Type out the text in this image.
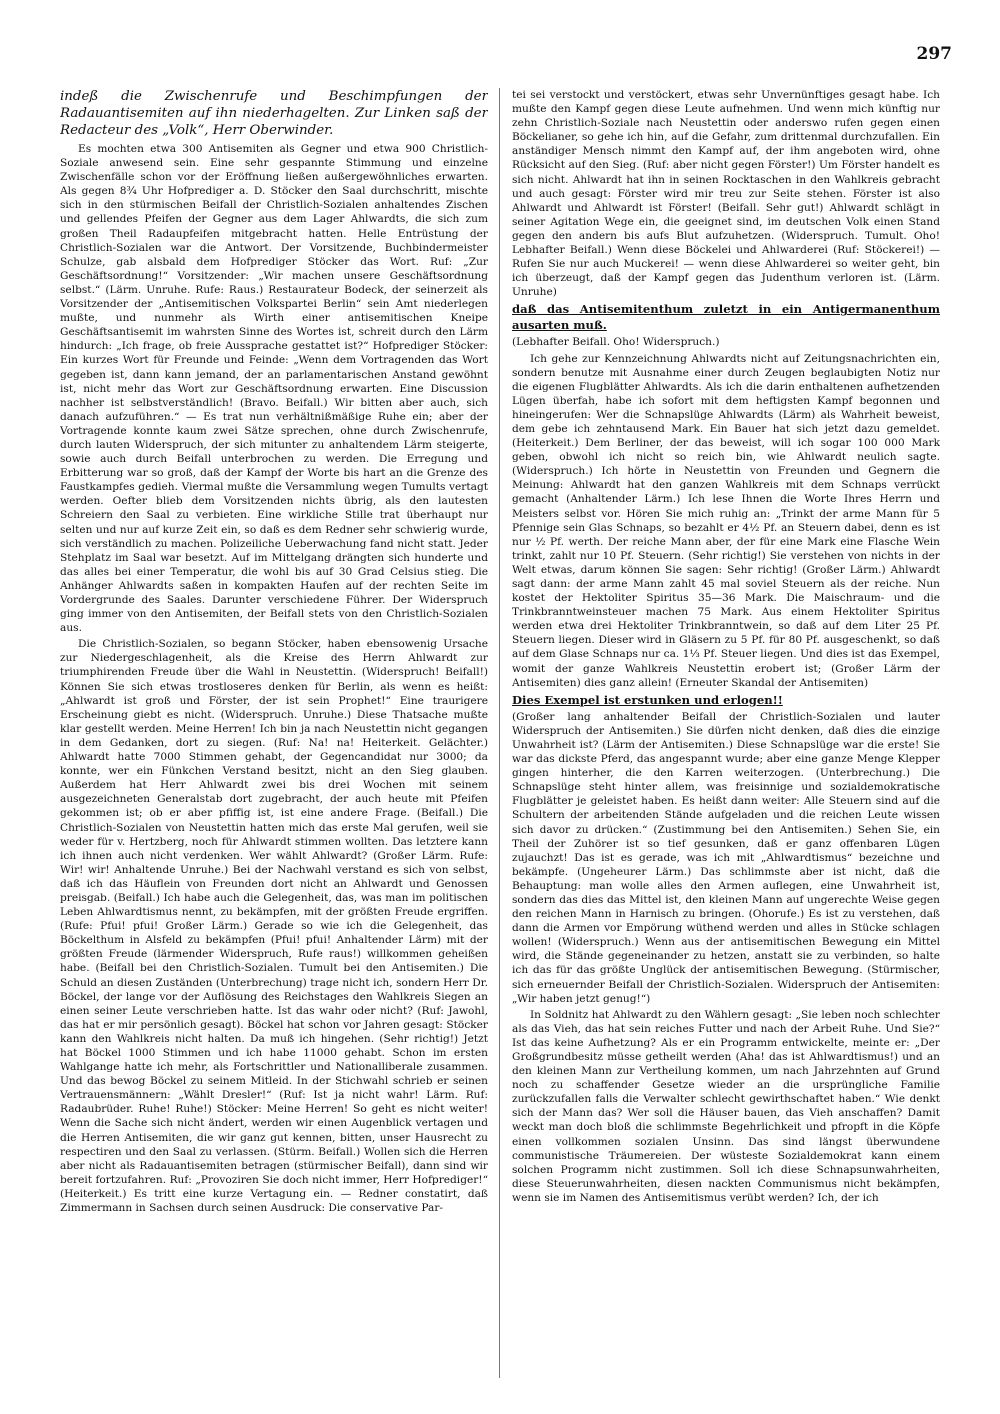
297

indeß die Zwischenrufe und Beschimpfungen der Radauantisemiten auf ihn niederhagelten. Zur Linken saß der Redacteur des „Volk“, Herr Oberwinder.

Es mochten etwa 300 Antisemiten als Gegner und etwa 900 Christlich-Soziale anwesend sein. Eine sehr gespannte Stimmung und einzelne Zwischenfälle schon vor der Eröffnung ließen außergewöhnliches erwarten. Als gegen 8¾ Uhr Hofprediger a. D. Stöcker den Saal durchschritt, mischte sich in den stürmischen Beifall der Christlich-Sozialen anhaltendes Zischen und gellendes Pfeifen der Gegner aus dem Lager Ahlwardts, die sich zum großen Theil Radaupfeifen mitgebracht hatten. Helle Entrüstung der Christlich-Sozialen war die Antwort. Der Vorsitzende, Buchbindermeister Schulze, gab alsbald dem Hofprediger Stöcker das Wort. Ruf: „Zur Geschäftsordnung!“ Vorsitzender: „Wir machen unsere Geschäftsordnung selbst.“ (Lärm. Unruhe. Rufe: Raus.) Restaurateur Bodeck, der seinerzeit als Vorsitzender der „Antisemitischen Volkspartei Berlin“ sein Amt niederlegen mußte, und nunmehr als Wirth einer antisemitischen Kneipe Geschäftsantisemit im wahrsten Sinne des Wortes ist, schreit durch den Lärm hindurch: „Ich frage, ob freie Aussprache gestattet ist?“ Hofprediger Stöcker: Ein kurzes Wort für Freunde und Feinde: „Wenn dem Vortragenden das Wort gegeben ist, dann kann jemand, der an parlamentarischen Anstand gewöhnt ist, nicht mehr das Wort zur Geschäftsordnung erwarten. Eine Discussion nachher ist selbstverständlich! (Bravo. Beifall.) Wir bitten aber auch, sich danach aufzuführen.“ — Es trat nun verhältnißmäßige Ruhe ein; aber der Vortragende konnte kaum zwei Sätze sprechen, ohne durch Zwischenrufe, durch lauten Widerspruch, der sich mitunter zu anhaltendem Lärm steigerte, sowie auch durch Beifall unterbrochen zu werden. Die Erregung und Erbitterung war so groß, daß der Kampf der Worte bis hart an die Grenze des Faustkampfes gedieh. Viermal mußte die Versammlung wegen Tumults vertagt werden. Oefter blieb dem Vorsitzenden nichts übrig, als den lautesten Schreiern den Saal zu verbieten. Eine wirkliche Stille trat überhaupt nur selten und nur auf kurze Zeit ein, so daß es dem Redner sehr schwierig wurde, sich verständlich zu machen. Polizeiliche Ueberwachung fand nicht statt. Jeder Stehplatz im Saal war besetzt. Auf im Mittelgang drängten sich hunderte und das alles bei einer Temperatur, die wohl bis auf 30 Grad Celsius stieg. Die Anhänger Ahlwardts saßen in kompakten Haufen auf der rechten Seite im Vordergrunde des Saales. Darunter verschiedene Führer. Der Widerspruch ging immer von den Antisemiten, der Beifall stets von den Christlich-Sozialen aus.

Die Christlich-Sozialen, so begann Stöcker, haben ebensowenig Ursache zur Niedergeschlagenheit, als die Kreise des Herrn Ahlwardt zur triumphirenden Freude über die Wahl in Neustettin. (Widerspruch! Beifall!) Können Sie sich etwas trostloseres denken für Berlin, als wenn es heißt: „Ahlwardt ist groß und Förster, der ist sein Prophet!“ Eine traurigere Erscheinung giebt es nicht. (Widerspruch. Unruhe.) Diese Thatsache mußte klar gestellt werden. Meine Herren! Ich bin ja nach Neustettin nicht gegangen in dem Gedanken, dort zu siegen. (Ruf: Na! na! Heiterkeit. Gelächter.) Ahlwardt hatte 7000 Stimmen gehabt, der Gegencandidat nur 3000; da konnte, wer ein Fünkchen Verstand besitzt, nicht an den Sieg glauben. Außerdem hat Herr Ahlwardt zwei bis drei Wochen mit seinem ausgezeichneten Generalstab dort zugebracht, der auch heute mit Pfeifen gekommen ist; ob er aber pfiffig ist, ist eine andere Frage. (Beifall.) Die Christlich-Sozialen von Neustettin hatten mich das erste Mal gerufen, weil sie weder für v. Hertzberg, noch für Ahlwardt stimmen wollten. Das letztere kann ich ihnen auch nicht verdenken. Wer wählt Ahlwardt? (Großer Lärm. Rufe: Wir! wir! Anhaltende Unruhe.) Bei der Nachwahl verstand es sich von selbst, daß ich das Häuflein von Freunden dort nicht an Ahlwardt und Genossen preisgab. (Beifall.) Ich habe auch die Gelegenheit, das, was man im politischen Leben Ahlwardtismus nennt, zu bekämpfen, mit der größten Freude ergriffen. (Rufe: Pfui! pfui! Großer Lärm.) Gerade so wie ich die Gelegenheit, das Böckelthum in Alsfeld zu bekämpfen (Pfui! pfui! Anhaltender Lärm) mit der größten Freude (lärmender Widerspruch, Rufe raus!) willkommen geheißen habe. (Beifall bei den Christlich-Sozialen. Tumult bei den Antisemiten.) Die Schuld an diesen Zuständen (Unterbrechung) trage nicht ich, sondern Herr Dr. Böckel, der lange vor der Auflösung des Reichstages den Wahlkreis Siegen an einen seiner Leute verschrieben hatte. Ist das wahr oder nicht? (Ruf: Jawohl, das hat er mir persönlich gesagt). Böckel hat schon vor Jahren gesagt: Stöcker kann den Wahlkreis nicht halten. Da muß ich hingehen. (Sehr richtig!) Jetzt hat Böckel 1000 Stimmen und ich habe 11000 gehabt. Schon im ersten Wahlgange hatte ich mehr, als Fortschrittler und Nationalliberale zusammen. Und das bewog Böckel zu seinem Mitleid. In der Stichwahl schrieb er seinen Vertrauensmännern: „Wählt Dresler!“ (Ruf: Ist ja nicht wahr! Lärm. Ruf: Radaubrüder. Ruhe! Ruhe!) Stöcker: Meine Herren! So geht es nicht weiter! Wenn die Sache sich nicht ändert, werden wir einen Augenblick vertagen und die Herren Antisemiten, die wir ganz gut kennen, bitten, unser Hausrecht zu respectiren und den Saal zu verlassen. (Stürm. Beifall.) Wollen sich die Herren aber nicht als Radauantisemiten betragen (stürmischer Beifall), dann sind wir bereit fortzufahren. Ruf: „Provoziren Sie doch nicht immer, Herr Hofprediger!“ (Heiterkeit.) Es tritt eine kurze Vertagung ein. — Redner constatirt, daß Zimmermann in Sachsen durch seinen Ausdruck: Die conservative Par-

tei sei verstockt und verstöckert, etwas sehr Unvernünftiges gesagt habe. Ich mußte den Kampf gegen diese Leute aufnehmen. Und wenn mich künftig nur zehn Christlich-Soziale nach Neustettin oder anderswo rufen gegen einen Böckelianer, so gehe ich hin, auf die Gefahr, zum drittenmal durchzufallen. Ein anständiger Mensch nimmt den Kampf auf, der ihm angeboten wird, ohne Rücksicht auf den Sieg. (Ruf: aber nicht gegen Förster!) Um Förster handelt es sich nicht. Ahlwardt hat ihn in seinen Rocktaschen in den Wahlkreis gebracht und auch gesagt: Förster wird mir treu zur Seite stehen. Förster ist also Ahlwardt und Ahlwardt ist Förster! (Beifall. Sehr gut!) Ahlwardt schlägt in seiner Agitation Wege ein, die geeignet sind, im deutschen Volk einen Stand gegen den andern bis aufs Blut aufzuhetzen. (Widerspruch. Tumult. Oho! Lebhafter Beifall.) Wenn diese Böckelei und Ahlwarderei (Ruf: Stöckerei!) — Rufen Sie nur auch Muckerei! — wenn diese Ahlwarderei so weiter geht, bin ich überzeugt, daß der Kampf gegen das Judenthum verloren ist. (Lärm. Unruhe)

daß das Antisemitenthum zuletzt in ein Antigermanenthum ausarten muß.

(Lebhafter Beifall. Oho! Widerspruch.)

Ich gehe zur Kennzeichnung Ahlwardts nicht auf Zeitungsnachrichten ein, sondern benutze mit Ausnahme einer durch Zeugen beglaubigten Notiz nur die eigenen Flugblätter Ahlwardts. Als ich die darin enthaltenen aufhetzenden Lügen überfah, habe ich sofort mit dem heftigsten Kampf begonnen und hineingerufen: Wer die Schnapslüge Ahlwardts (Lärm) als Wahrheit beweist, dem gebe ich zehntausend Mark. Ein Bauer hat sich jetzt dazu gemeldet. (Heiterkeit.) Dem Berliner, der das beweist, will ich sogar 100 000 Mark geben, obwohl ich nicht so reich bin, wie Ahlwardt neulich sagte. (Widerspruch.) Ich hörte in Neustettin von Freunden und Gegnern die Meinung: Ahlwardt hat den ganzen Wahlkreis mit dem Schnaps verrückt gemacht (Anhaltender Lärm.) Ich lese Ihnen die Worte Ihres Herrn und Meisters selbst vor. Hören Sie mich ruhig an: „Trinkt der arme Mann für 5 Pfennige sein Glas Schnaps, so bezahlt er 4½ Pf. an Steuern dabei, denn es ist nur ½ Pf. werth. Der reiche Mann aber, der für eine Mark eine Flasche Wein trinkt, zahlt nur 10 Pf. Steuern. (Sehr richtig!) Sie verstehen von nichts in der Welt etwas, darum können Sie sagen: Sehr richtig! (Großer Lärm.) Ahlwardt sagt dann: der arme Mann zahlt 45 mal soviel Steuern als der reiche. Nun kostet der Hektoliter Spiritus 35—36 Mark. Die Maischraum- und die Trinkbranntweinsteuer machen 75 Mark. Aus einem Hektoliter Spiritus werden etwa drei Hektoliter Trinkbranntwein, so daß auf dem Liter 25 Pf. Steuern liegen. Dieser wird in Gläsern zu 5 Pf. für 80 Pf. ausgeschenkt, so daß auf dem Glase Schnaps nur ca. 1⅓ Pf. Steuer liegen. Und dies ist das Exempel, womit der ganze Wahlkreis Neustettin erobert ist; (Großer Lärm der Antisemiten) dies ganz allein! (Erneuter Skandal der Antisemiten)

Dies Exempel ist erstunken und erlogen!!

(Großer lang anhaltender Beifall der Christlich-Sozialen und lauter Widerspruch der Antisemiten.) Sie dürfen nicht denken, daß dies die einzige Unwahrheit ist? (Lärm der Antisemiten.) Diese Schnapslüge war die erste! Sie war das dickste Pferd, das angespannt wurde; aber eine ganze Menge Klepper gingen hinterher, die den Karren weiterzogen. (Unterbrechung.) Die Schnapslüge steht hinter allem, was freisinnige und sozialdemokratische Flugblätter je geleistet haben. Es heißt dann weiter: Alle Steuern sind auf die Schultern der arbeitenden Stände aufgeladen und die reichen Leute wissen sich davor zu drücken.“ (Zustimmung bei den Antisemiten.) Sehen Sie, ein Theil der Zuhörer ist so tief gesunken, daß er ganz offenbaren Lügen zujauchzt! Das ist es gerade, was ich mit „Ahlwardtismus“ bezeichne und bekämpfe. (Ungeheurer Lärm.) Das schlimmste aber ist nicht, daß die Behauptung: man wolle alles den Armen auflegen, eine Unwahrheit ist, sondern das dies das Mittel ist, den kleinen Mann auf ungerechte Weise gegen den reichen Mann in Harnisch zu bringen. (Ohorufe.) Es ist zu verstehen, daß dann die Armen vor Empörung wüthend werden und alles in Stücke schlagen wollen! (Widerspruch.) Wenn aus der antisemitischen Bewegung ein Mittel wird, die Stände gegeneinander zu hetzen, anstatt sie zu verbinden, so halte ich das für das größte Unglück der antisemitischen Bewegung. (Stürmischer, sich erneuernder Beifall der Christlich-Sozialen. Widerspruch der Antisemiten: „Wir haben jetzt genug!“)

In Soldnitz hat Ahlwardt zu den Wählern gesagt: „Sie leben noch schlechter als das Vieh, das hat sein reiches Futter und nach der Arbeit Ruhe. Und Sie?“ Ist das keine Aufhetzung? Als er ein Programm entwickelte, meinte er: „Der Großgrundbesitz müsse getheilt werden (Aha! das ist Ahlwardtismus!) und an den kleinen Mann zur Vertheilung kommen, um nach Jahrzehnten auf Grund noch zu schaffender Gesetze wieder an die ursprüngliche Familie zurückzufallen falls die Verwalter schlecht gewirthschaftet haben.“ Wie denkt sich der Mann das? Wer soll die Häuser bauen, das Vieh anschaffen? Damit weckt man doch bloß die schlimmste Begehrlichkeit und pfropft in die Köpfe einen vollkommen sozialen Unsinn. Das sind längst überwundene communistische Träumereien. Der wüsteste Sozialdemokrat kann einem solchen Programm nicht zustimmen. Soll ich diese Schnapsunwahrheiten, diese Steuerunwahrheiten, diesen nackten Communismus nicht bekämpfen, wenn sie im Namen des Antisemitismus verübt werden? Ich, der ich
